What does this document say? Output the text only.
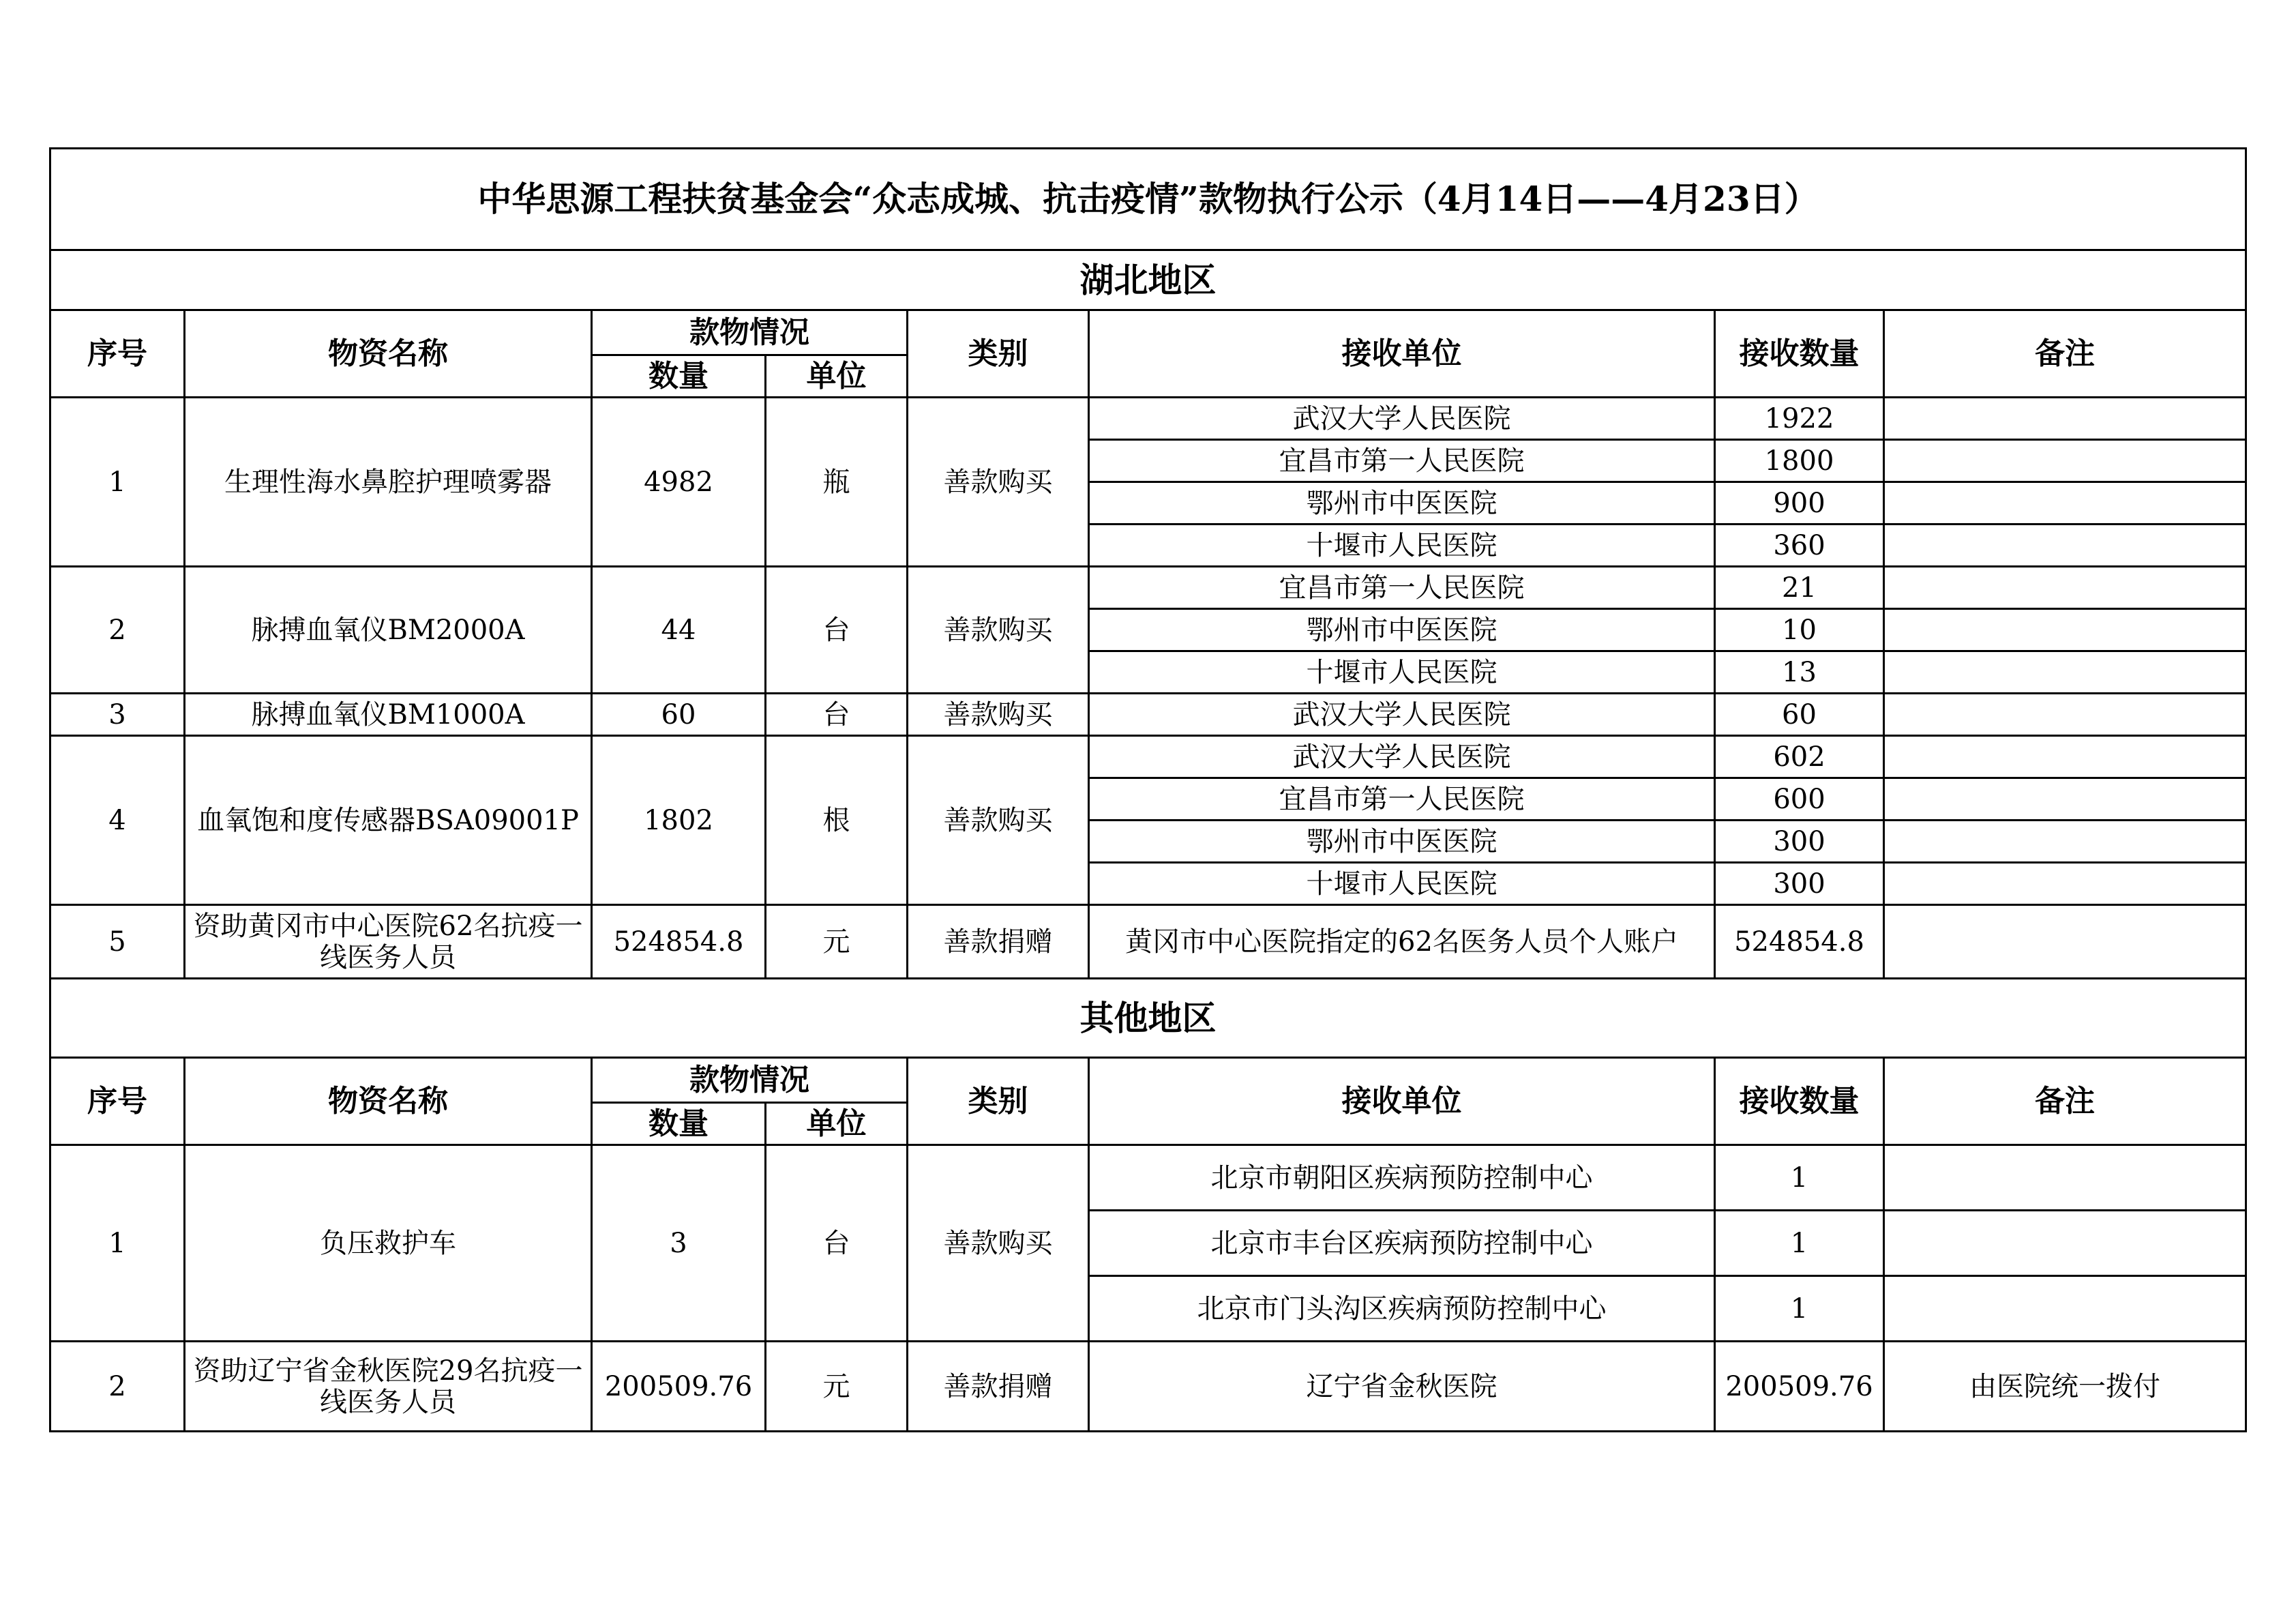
中华思源工程扶贫基金会“众志成城、抗击疫情”款物执行公示（4月14日——4月23日）							
湖北地区							
序号	物资名称	款物情况		类别	接收单位	接收数量	备注
		数量	单位				
1	生理性海水鼻腔护理喷雾器	4982	瓶	善款购买	武汉大学人民医院	1922	
					宜昌市第一人民医院	1800	
					鄂州市中医医院	900	
					十堰市人民医院	360	
2	脉搏血氧仪BM2000A	44	台	善款购买	宜昌市第一人民医院	21	
					鄂州市中医医院	10	
					十堰市人民医院	13	
3	脉搏血氧仪BM1000A	60	台	善款购买	武汉大学人民医院	60	
4	血氧饱和度传感器BSA09001P	1802	根	善款购买	武汉大学人民医院	602	
					宜昌市第一人民医院	600	
					鄂州市中医医院	300	
					十堰市人民医院	300	
5	资助黄冈市中心医院62名抗疫一线医务人员	524854.8	元	善款捐赠	黄冈市中心医院指定的62名医务人员个人账户	524854.8	
其他地区							
序号	物资名称	款物情况		类别	接收单位	接收数量	备注
		数量	单位				
1	负压救护车	3	台	善款购买	北京市朝阳区疾病预防控制中心	1	
					北京市丰台区疾病预防控制中心	1	
					北京市门头沟区疾病预防控制中心	1	
2	资助辽宁省金秋医院29名抗疫一线医务人员	200509.76	元	善款捐赠	辽宁省金秋医院	200509.76	由医院统一拨付
